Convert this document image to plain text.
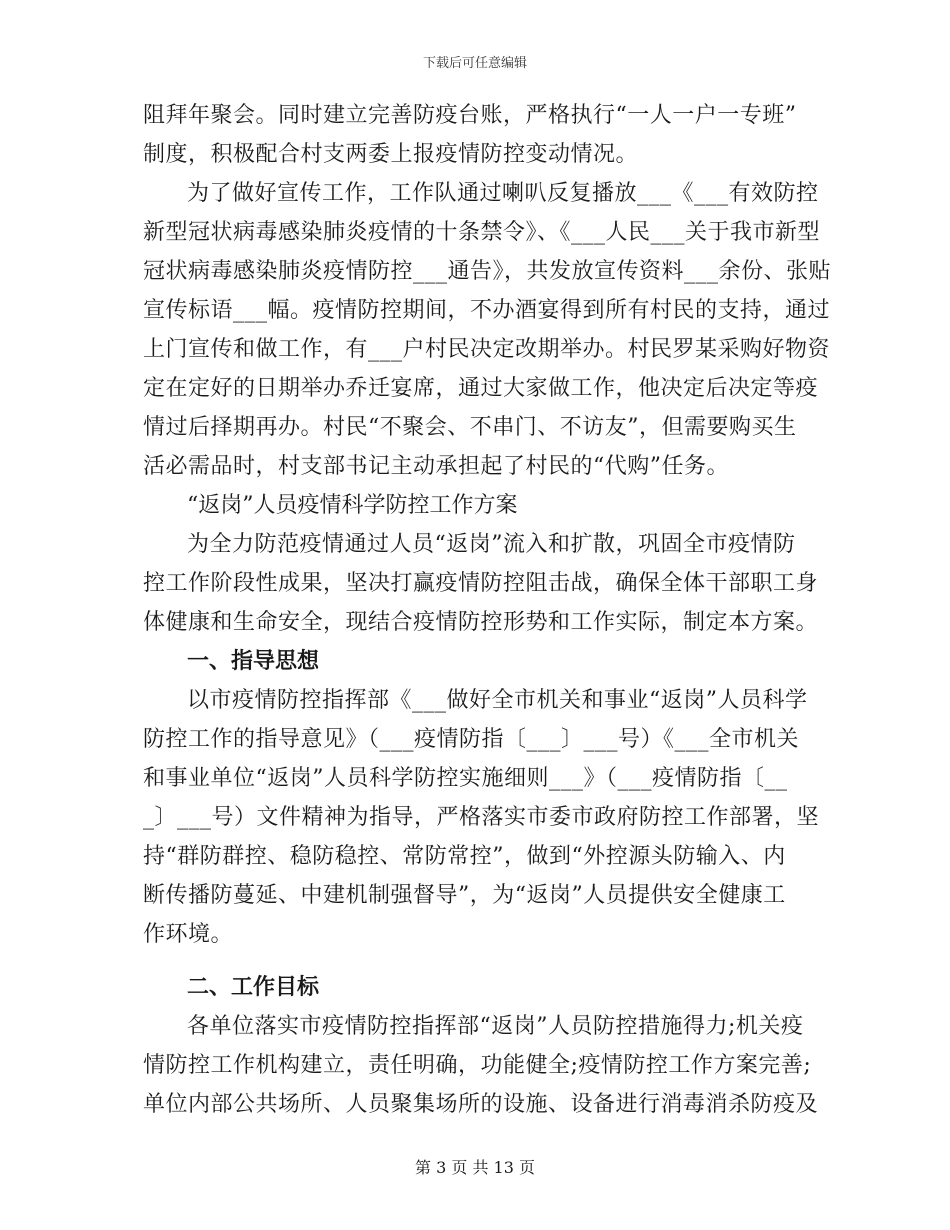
下载后可任意编辑
阻拜年聚会。同时建立完善防疫台账，严格执行“一人一户一专班”
制度，积极配合村支两委上报疫情防控变动情况。
为了做好宣传工作，工作队通过喇叭反复播放___《___有效防控
新型冠状病毒感染肺炎疫情的十条禁令》、《___人民___关于我市新型
冠状病毒感染肺炎疫情防控___通告》，共发放宣传资料___余份、张贴
宣传标语___幅。疫情防控期间，不办酒宴得到所有村民的支持，通过
上门宣传和做工作，有___户村民决定改期举办。村民罗某采购好物资
定在定好的日期举办乔迁宴席，通过大家做工作，他决定后决定等疫
情过后择期再办。村民“不聚会、不串门、不访友”，但需要购买生
活必需品时，村支部书记主动承担起了村民的“代购”任务。
“返岗”人员疫情科学防控工作方案
为全力防范疫情通过人员“返岗”流入和扩散，巩固全市疫情防
控工作阶段性成果，坚决打赢疫情防控阻击战，确保全体干部职工身
体健康和生命安全，现结合疫情防控形势和工作实际，制定本方案。
一、指导思想
以市疫情防控指挥部《___做好全市机关和事业“返岗”人员科学
防控工作的指导意见》（___疫情防指〔___〕___号）《___全市机关
和事业单位“返岗”人员科学防控实施细则___》（___疫情防指〔__
_〕___号）文件精神为指导，严格落实市委市政府防控工作部署，坚
持“群防群控、稳防稳控、常防常控”，做到“外控源头防输入、内
断传播防蔓延、中建机制强督导”，为“返岗”人员提供安全健康工
作环境。
二、工作目标
各单位落实市疫情防控指挥部“返岗”人员防控措施得力;机关疫
情防控工作机构建立，责任明确，功能健全;疫情防控工作方案完善;
单位内部公共场所、人员聚集场所的设施、设备进行消毒消杀防疫及
第 3 页 共 13 页
